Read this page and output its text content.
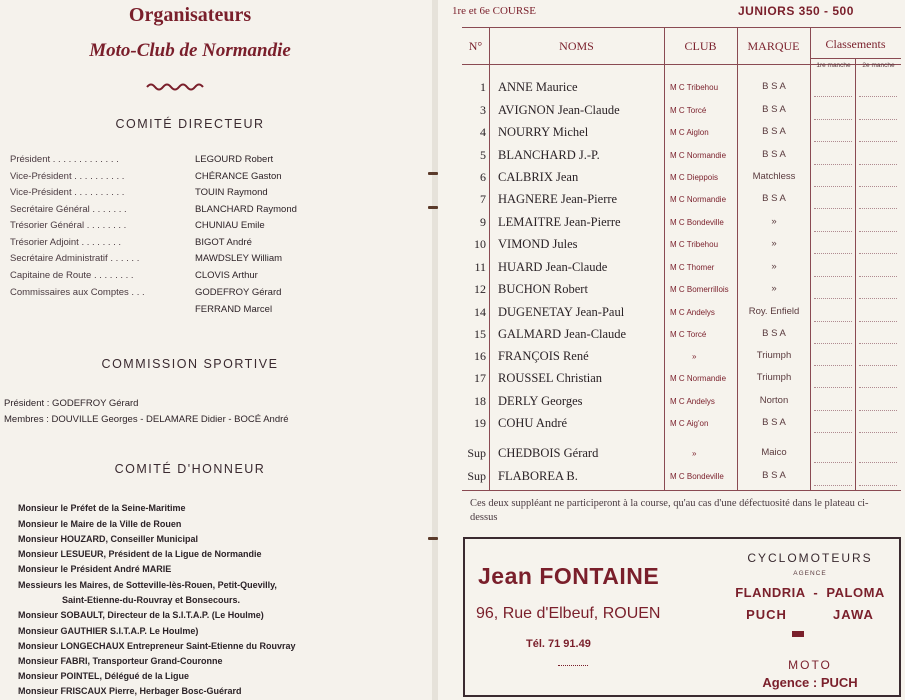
Organisateurs
Moto-Club de Normandie
COMITÉ DIRECTEUR
Président . . . . . . . . . . . . .	LEGOURD Robert
Vice-Président . . . . . . . . . .	CHÉRANCE Gaston
Vice-Président . . . . . . . . . .	TOUIN Raymond
Secrétaire Général . . . . . . .	BLANCHARD Raymond
Trésorier Général . . . . . . . .	CHUNIAU Emile
Trésorier Adjoint . . . . . . . .	BIGOT André
Secrétaire Administratif . . . . . .	MAWDSLEY William
Capitaine de Route . . . . . . . .	CLOVIS Arthur
Commissaires aux Comptes . . .	GODEFROY Gérard
FERRAND Marcel
COMMISSION SPORTIVE
Président : GODEFROY Gérard
Membres : DOUVILLE Georges - DELAMARE Didier - BOCÉ André
COMITÉ D'HONNEUR
Monsieur le Préfet de la Seine-Maritime
Monsieur le Maire de la Ville de Rouen
Monsieur HOUZARD, Conseiller Municipal
Monsieur LESUEUR, Président de la Ligue de Normandie
Monsieur le Président André MARIE
Messieurs les Maires, de Sotteville-lès-Rouen, Petit-Quevilly,
Saint-Etienne-du-Rouvray et Bonsecours.
Monsieur SOBAULT, Directeur de la S.I.T.A.P. (Le Houlme)
Monsieur GAUTHIER S.I.T.A.P. Le Houlme)
Monsieur LONGECHAUX Entrepreneur Saint-Etienne du Rouvray
Monsieur FABRI, Transporteur Grand-Couronne
Monsieur POINTEL, Délégué de la Ligue
Monsieur FRISCAUX Pierre, Herbager Bosc-Guérard
1re et 6e COURSE	JUNIORS 350 - 500
N°	NOMS	CLUB	MARQUE	Classements
1re manche	2e manche
1 ANNE Maurice	M C Tribehou	B S A
3 AVIGNON Jean-Claude	M C Torcé	B S A
4 NOURRY Michel	M C Aiglon	B S A
5 BLANCHARD J.-P.	M C Normandie	B S A
6 CALBRIX Jean	M C Dieppois	Matchless
7 HAGNERE Jean-Pierre	M C Normandie	B S A
9 LEMAITRE Jean-Pierre	M C Bondeville	»
10 VIMOND Jules	M C Tribehou	»
11 HUARD Jean-Claude	M C Thomer	»
12 BUCHON Robert	M C Bomerrillois	»
14 DUGENETAY Jean-Paul	M C Andelys	Roy. Enfield
15 GALMARD Jean-Claude	M C Torcé	B S A
16 FRANÇOIS René	»	Triumph
17 ROUSSEL Christian	M C Normandie	Triumph
18 DERLY Georges	M C Andelys	Norton
19 COHU André	M C Aig'on	B S A
Sup CHEDBOIS Gérard	»	Maico
Sup FLABOREA B.	M C Bondeville	B S A
Ces deux suppléant ne participeront à la course, qu'au cas d'une défectuosité dans le plateau ci-dessus
Jean FONTAINE
96, Rue d'Elbeuf, ROUEN
Tél. 71 91.49
CYCLOMOTEURS
AGENCE
FLANDRIA  -  PALOMA
PUCH          JAWA
MOTO
Agence : PUCH
